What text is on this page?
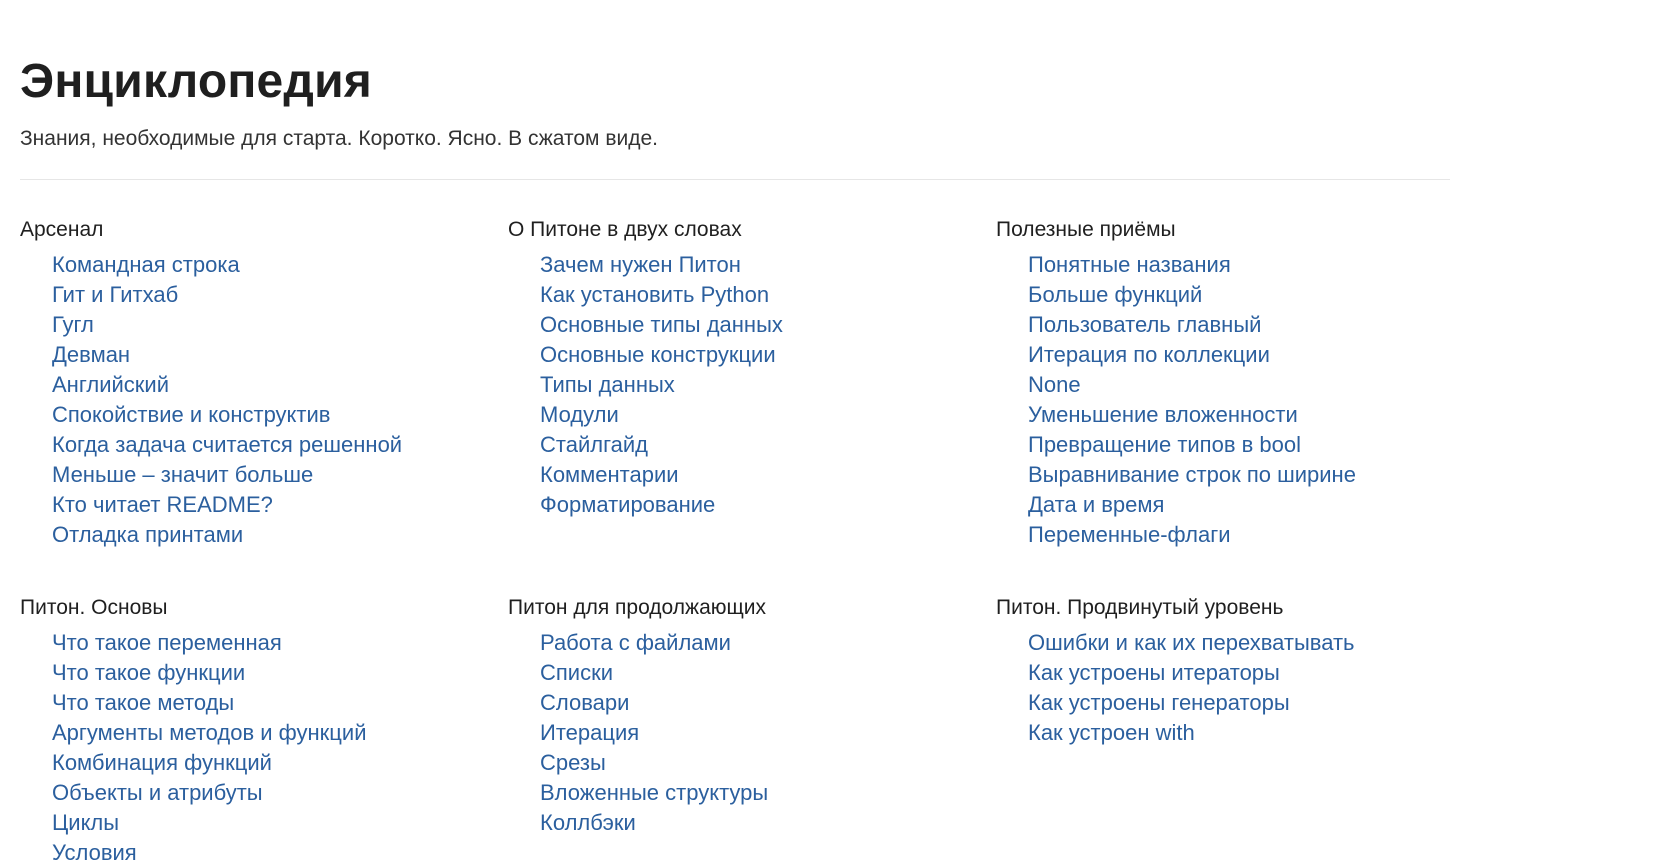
Энциклопедия

Знания, необходимые для старта. Коротко. Ясно. В сжатом виде.

Арсенал
Командная строка
Гит и Гитхаб
Гугл
Девман
Английский
Спокойствие и конструктив
Когда задача считается решенной
Меньше – значит больше
Кто читает README?
Отладка принтами
О Питоне в двух словах
Зачем нужен Питон
Как установить Python
Основные типы данных
Основные конструкции
Типы данных
Модули
Стайлгайд
Комментарии
Форматирование
Полезные приёмы
Понятные названия
Больше функций
Пользователь главный
Итерация по коллекции
None
Уменьшение вложенности
Превращение типов в bool
Выравнивание строк по ширине
Дата и время
Переменные-флаги
Питон. Основы
Что такое переменная
Что такое функции
Что такое методы
Аргументы методов и функций
Комбинация функций
Объекты и атрибуты
Циклы
Условия
Питон для продолжающих
Работа с файлами
Списки
Словари
Итерация
Срезы
Вложенные структуры
Коллбэки
Питон. Продвинутый уровень
Ошибки и как их перехватывать
Как устроены итераторы
Как устроены генераторы
Как устроен with
